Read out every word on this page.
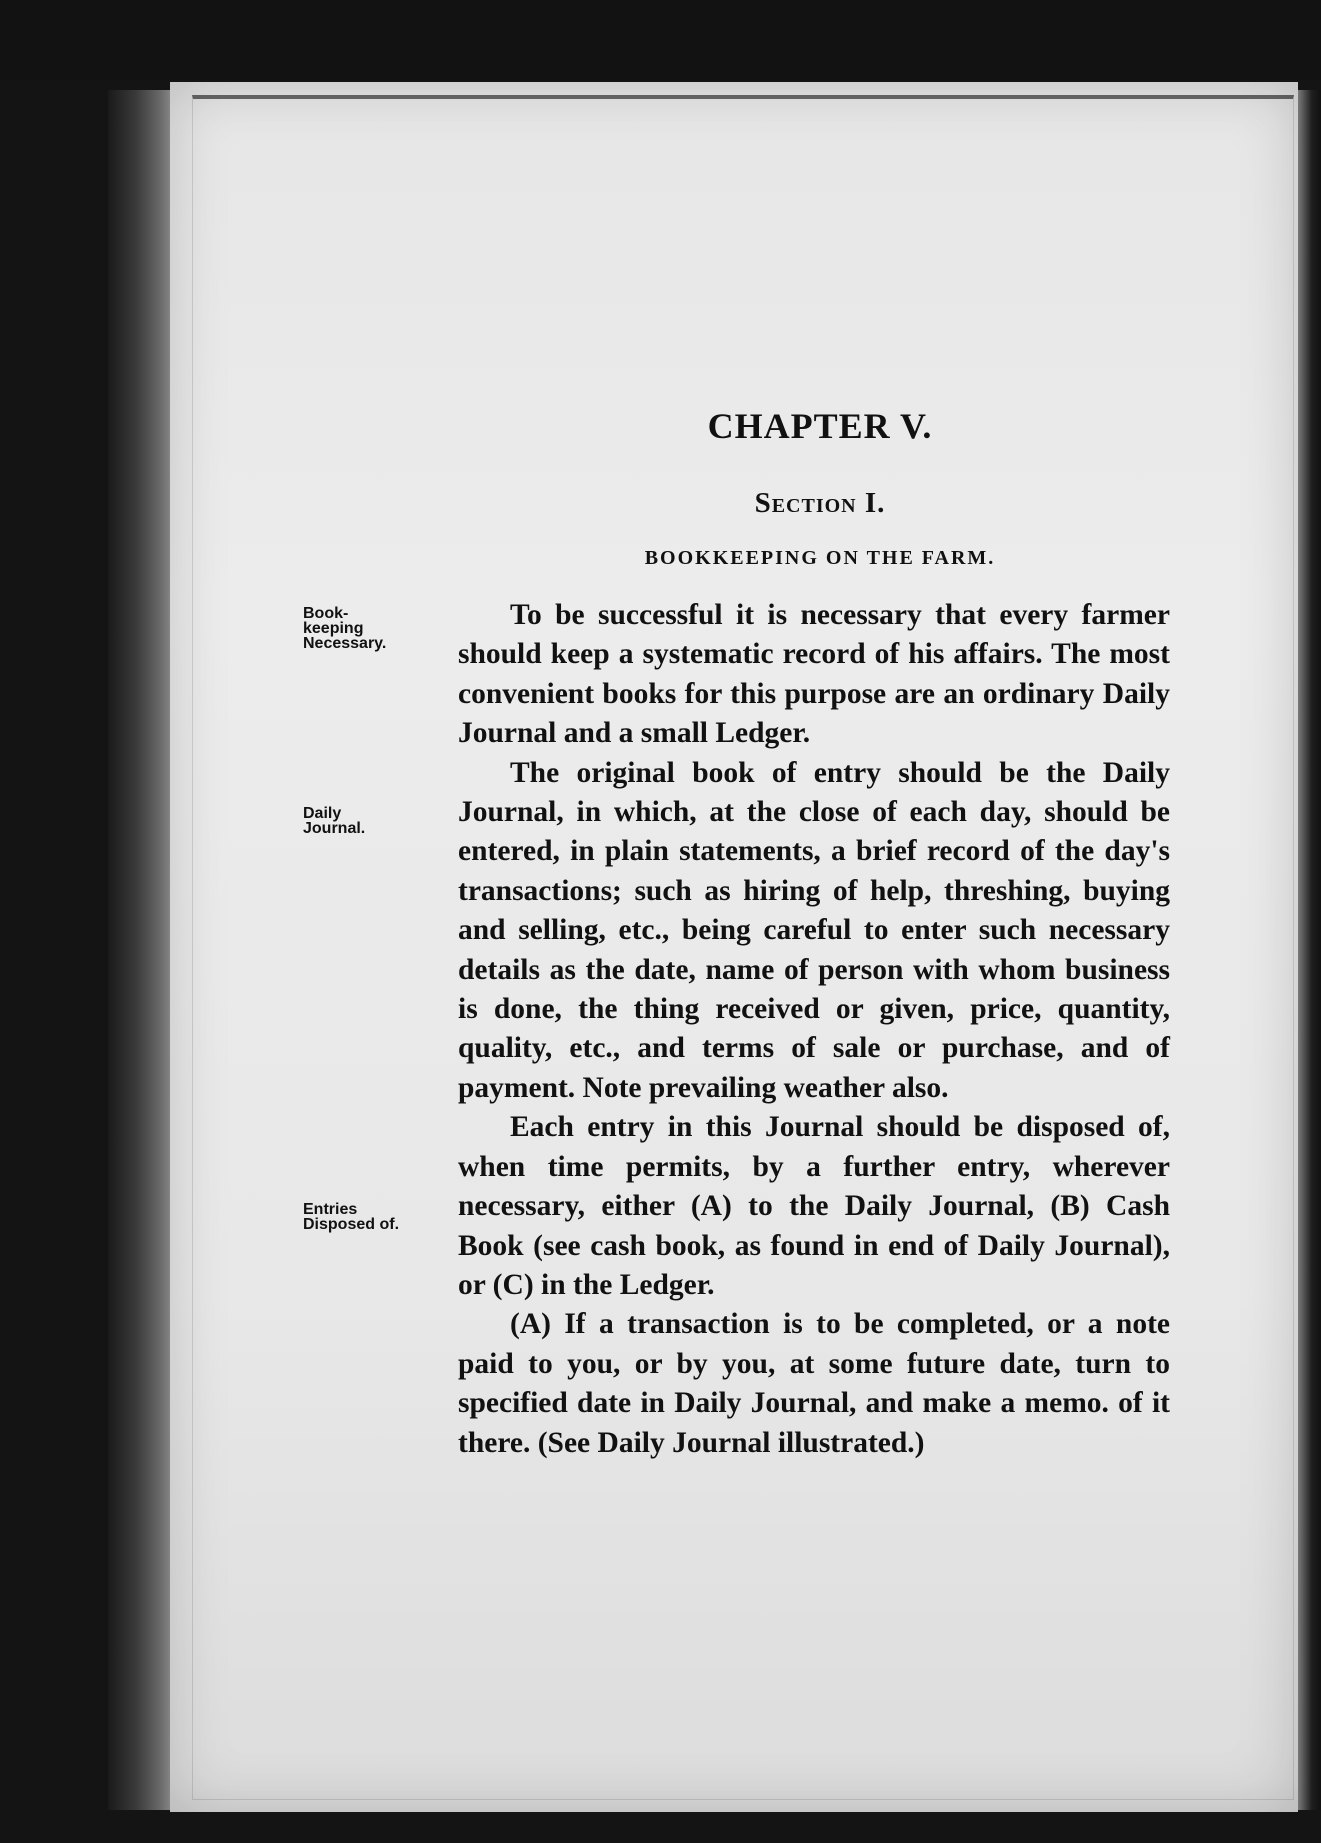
CHAPTER V.
Section I.
BOOKKEEPING ON THE FARM.
Book-
keeping
Necessary.
Daily
Journal.
Entries
Disposed of.

To be successful it is necessary that every farmer should keep a systematic record of his affairs. The most convenient books for this purpose are an ordinary Daily Journal and a small Ledger.

The original book of entry should be the Daily Journal, in which, at the close of each day, should be entered, in plain statements, a brief record of the day's transactions; such as hiring of help, threshing, buying and selling, etc., being careful to enter such necessary details as the date, name of person with whom business is done, the thing received or given, price, quantity, quality, etc., and terms of sale or purchase, and of payment. Note prevailing weather also.

Each entry in this Journal should be disposed of, when time permits, by a further entry, wherever necessary, either (A) to the Daily Journal, (B) Cash Book (see cash book, as found in end of Daily Journal), or (C) in the Ledger.

(A) If a transaction is to be completed, or a note paid to you, or by you, at some future date, turn to specified date in Daily Journal, and make a memo. of it there. (See Daily Journal illustrated.)
